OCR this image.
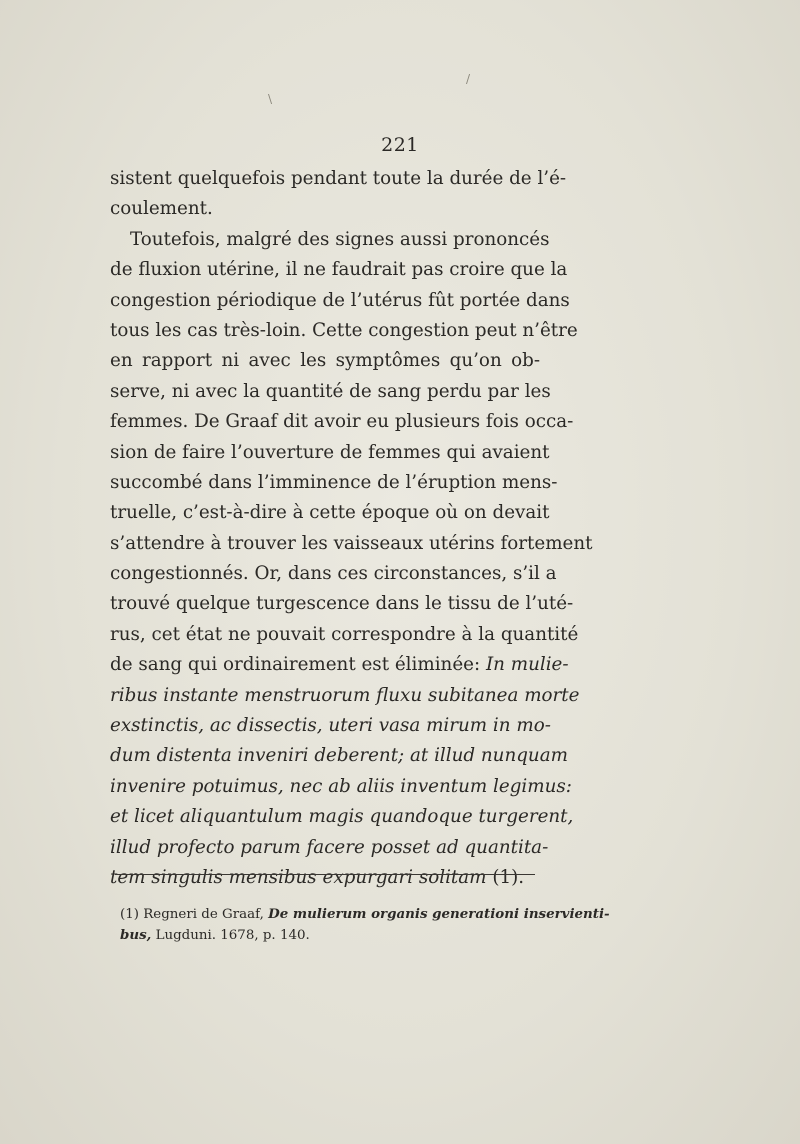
/
\
221
sistent quelquefois pendant toute la durée de l’é-
coulement.
Toutefois, malgré des signes aussi prononcés
de fluxion utérine, il ne faudrait pas croire que la
congestion périodique de l’utérus fût portée dans
tous les cas très-loin. Cette congestion peut n’être
en rapport ni avec les symptômes qu’on ob-
serve, ni avec la quantité de sang perdu par les
femmes. De Graaf dit avoir eu plusieurs fois occa-
sion de faire l’ouverture de femmes qui avaient
succombé dans l’imminence de l’éruption mens-
truelle, c’est-à-dire à cette époque où on devait
s’attendre à trouver les vaisseaux utérins fortement
congestionnés. Or, dans ces circonstances, s’il a
trouvé quelque turgescence dans le tissu de l’uté-
rus, cet état ne pouvait correspondre à la quantité
de sang qui ordinairement est éliminée: In mulie-
ribus instante menstruorum fluxu subitanea morte
exstinctis, ac dissectis, uteri vasa mirum in mo-
dum distenta inveniri deberent; at illud nunquam
invenire potuimus, nec ab aliis inventum legimus:
et licet aliquantulum magis quandoque turgerent,
illud profecto parum facere posset ad quantita-
tem singulis mensibus expurgari solitam (1).
(1) Regneri de Graaf, De mulierum organis generationi inservienti-
bus, Lugduni. 1678, p. 140.
